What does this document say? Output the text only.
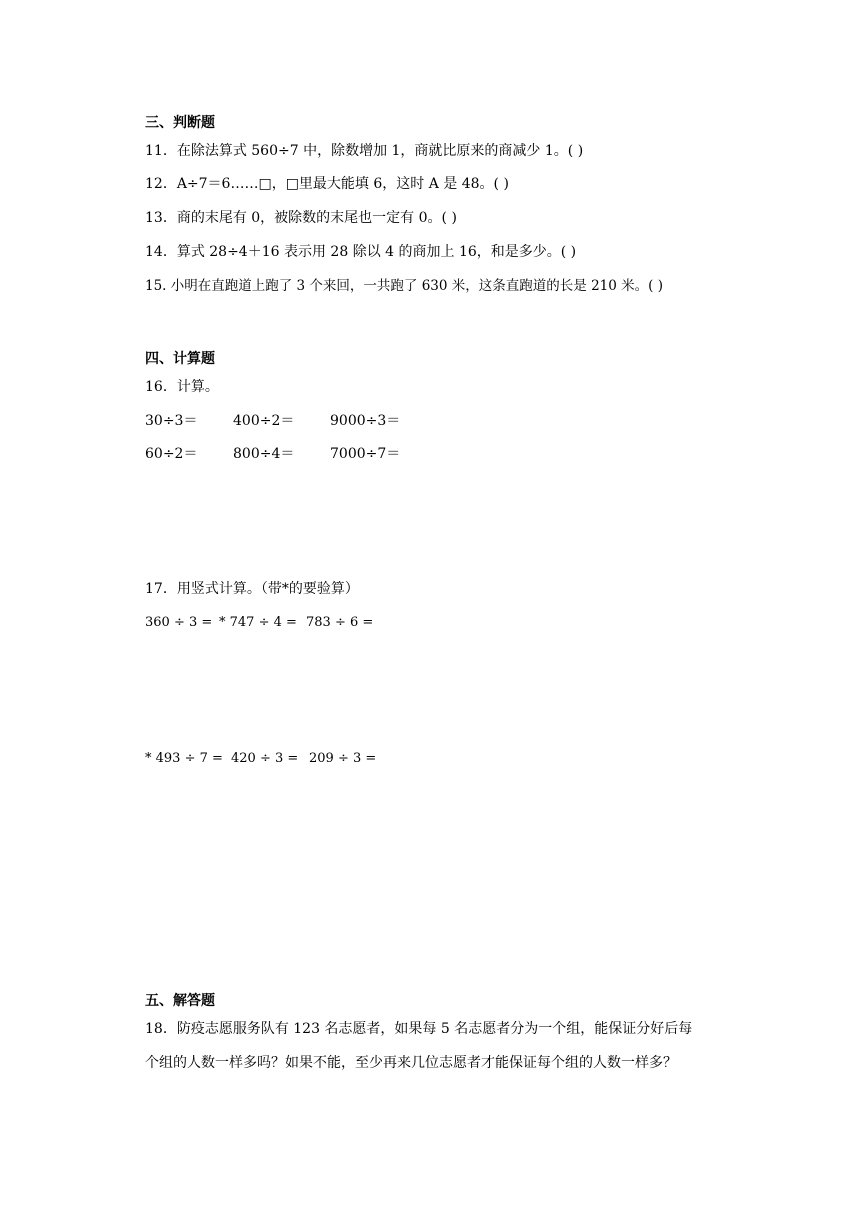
三、判断题
11．在除法算式 560÷7 中，除数增加 1，商就比原来的商减少 1。( )
12．A÷7＝6……□，□里最大能填 6，这时 A 是 48。( )
13．商的末尾有 0，被除数的末尾也一定有 0。( )
14．算式 28÷4＋16 表示用 28 除以 4 的商加上 16，和是多少。( )
15. 小明在直跑道上跑了 3 个来回，一共跑了 630 米，这条直跑道的长是 210 米。( )
四、计算题
16．计算。
30÷3＝	400÷2＝	9000÷3＝
60÷2＝	800÷4＝	7000÷7＝
17．用竖式计算。（带*的要验算）
360 ÷ 3 = * 747 ÷ 4 = 783 ÷ 6 =
* 493 ÷ 7 = 420 ÷ 3 = 209 ÷ 3 =
五、解答题
18．防疫志愿服务队有 123 名志愿者，如果每 5 名志愿者分为一个组，能保证分好后每
个组的人数一样多吗？如果不能，至少再来几位志愿者才能保证每个组的人数一样多？
